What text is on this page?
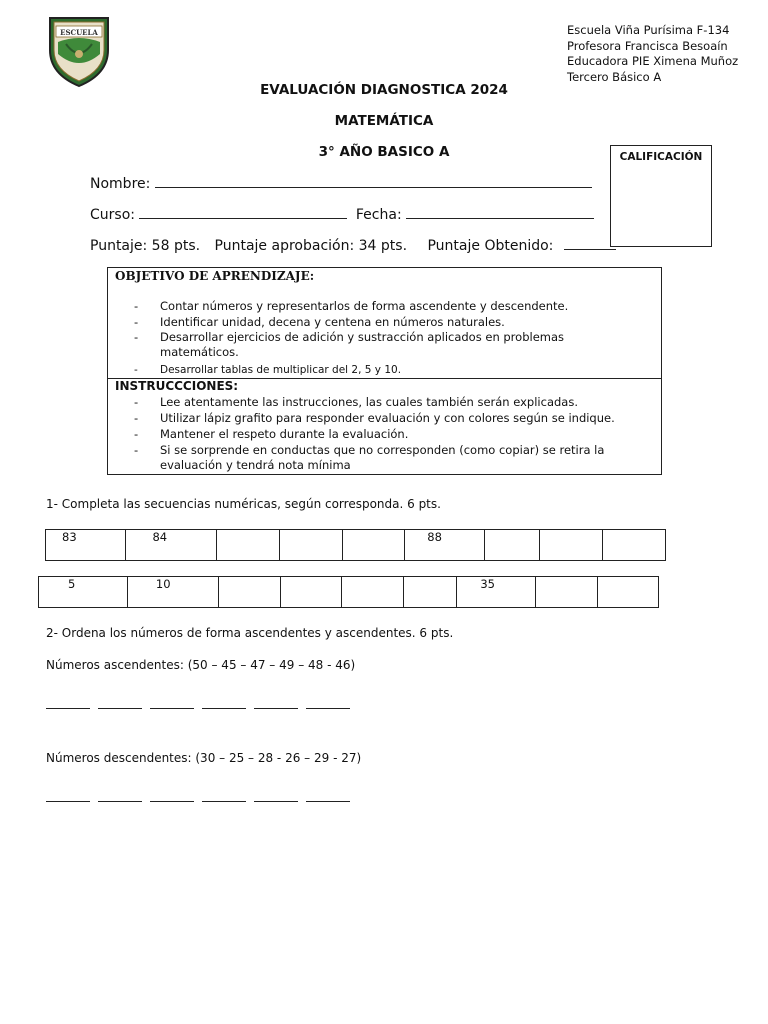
ESCUELA	Escuela Viña Purísima F-134
Profesora Francisca Besoaín
Educadora PIE Ximena Muñoz
Tercero Básico A
EVALUACIÓN DIAGNOSTICA 2024
MATEMÁTICA
3° AÑO BASICO A	CALIFICACIÓN
Nombre:
Curso:	Fecha:
Puntaje: 58 pts. Puntaje aprobación: 34 pts. Puntaje Obtenido:
OBJETIVO DE APRENDIZAJE:
- Contar números y representarlos de forma ascendente y descendente.
- Identificar unidad, decena y centena en números naturales.
- Desarrollar ejercicios de adición y sustracción aplicados en problemas matemáticos.
- Desarrollar tablas de multiplicar del 2, 5 y 10.
INSTRUCCCIONES:
- Lee atentamente las instrucciones, las cuales también serán explicadas.
- Utilizar lápiz grafito para responder evaluación y con colores según se indique.
- Mantener el respeto durante la evaluación.
- Si se sorprende en conductas que no corresponden (como copiar) se retira la evaluación y tendrá nota mínima
1- Completa las secuencias numéricas, según corresponda. 6 pts.
83	84				88			
5	10					35		
2- Ordena los números de forma ascendentes y ascendentes. 6 pts.
Números ascendentes: (50 – 45 – 47 – 49 – 48 - 46)
Números descendentes: (30 – 25 – 28 - 26 – 29 - 27)
